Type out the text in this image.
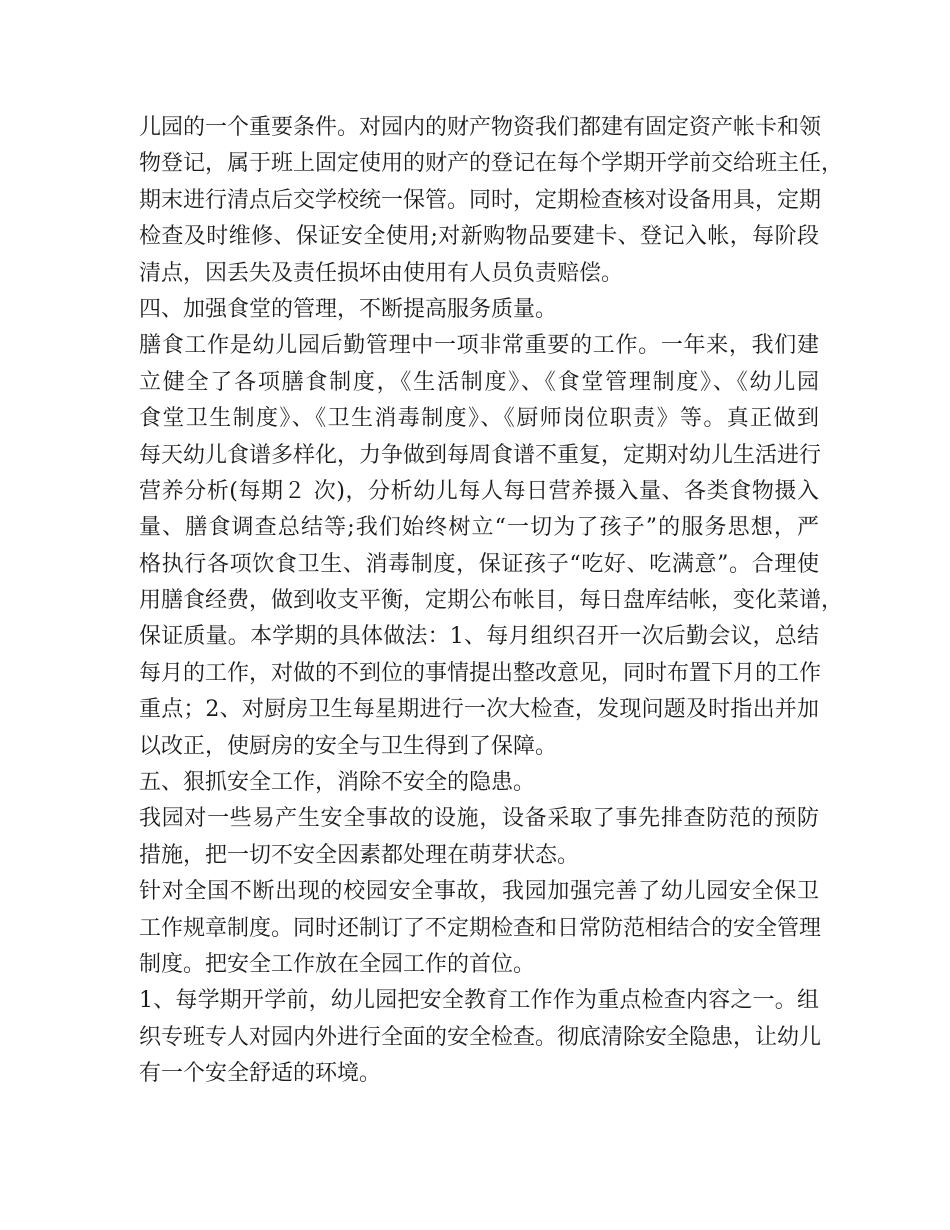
儿园的一个重要条件。对园内的财产物资我们都建有固定资产帐卡和领
物登记，属于班上固定使用的财产的登记在每个学期开学前交给班主任，
期末进行清点后交学校统一保管。同时，定期检查核对设备用具，定期
检查及时维修、保证安全使用;对新购物品要建卡、登记入帐，每阶段
清点，因丢失及责任损坏由使用有人员负责赔偿。
四、加强食堂的管理，不断提高服务质量。
膳食工作是幼儿园后勤管理中一项非常重要的工作。一年来，我们建
立健全了各项膳食制度，《生活制度》、《食堂管理制度》、《幼儿园
食堂卫生制度》、《卫生消毒制度》、《厨师岗位职责》等。真正做到
每天幼儿食谱多样化，力争做到每周食谱不重复，定期对幼儿生活进行
营养分析(每期２ 次)，分析幼儿每人每日营养摄入量、各类食物摄入
量、膳食调查总结等;我们始终树立“一切为了孩子”的服务思想，严
格执行各项饮食卫生、消毒制度，保证孩子“吃好、吃满意”。合理使
用膳食经费，做到收支平衡，定期公布帐目，每日盘库结帐，变化菜谱，
保证质量。本学期的具体做法：1、每月组织召开一次后勤会议，总结
每月的工作，对做的不到位的事情提出整改意见，同时布置下月的工作
重点；2、对厨房卫生每星期进行一次大检查，发现问题及时指出并加
以改正，使厨房的安全与卫生得到了保障。
五、狠抓安全工作，消除不安全的隐患。
我园对一些易产生安全事故的设施，设备采取了事先排查防范的预防
措施，把一切不安全因素都处理在萌芽状态。
针对全国不断出现的校园安全事故，我园加强完善了幼儿园安全保卫
工作规章制度。同时还制订了不定期检查和日常防范相结合的安全管理
制度。把安全工作放在全园工作的首位。
1、每学期开学前，幼儿园把安全教育工作作为重点检查内容之一。组
织专班专人对园内外进行全面的安全检查。彻底清除安全隐患，让幼儿
有一个安全舒适的环境。
